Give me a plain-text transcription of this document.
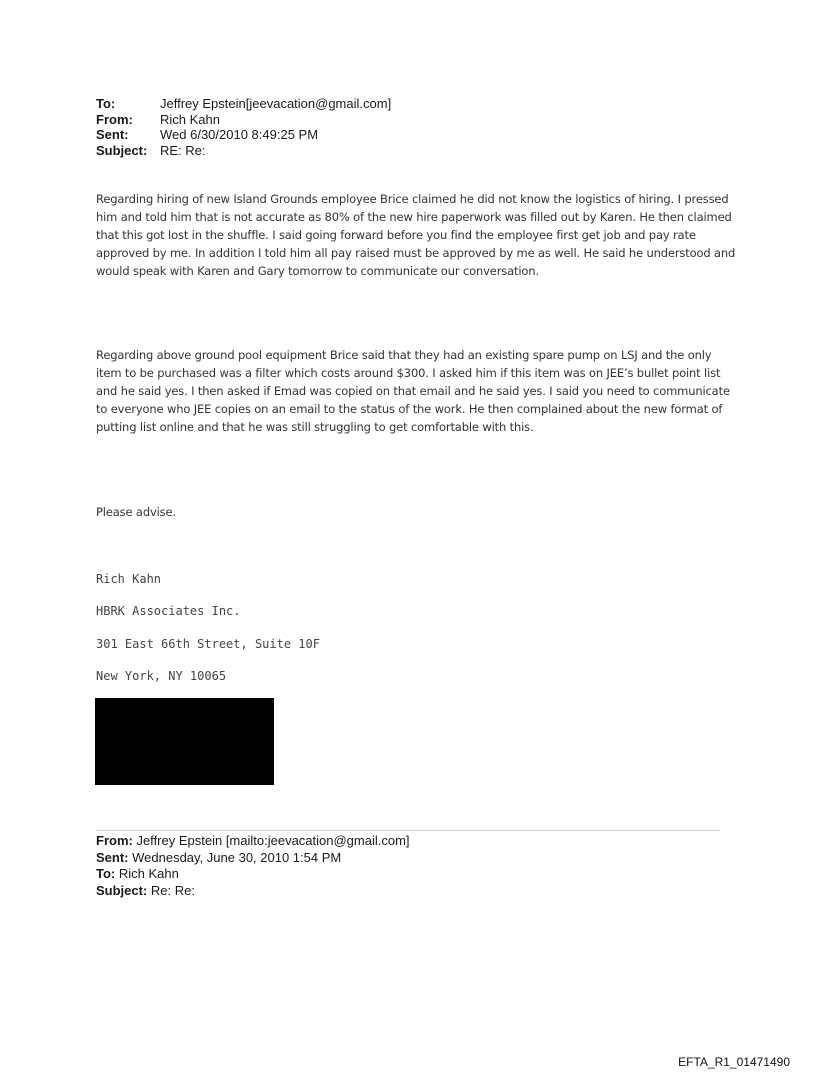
To:	Jeffrey Epstein[jeevacation@gmail.com]
From:	Rich Kahn
Sent:	Wed 6/30/2010 8:49:25 PM
Subject: RE: Re:

Regarding hiring of new Island Grounds employee Brice claimed he did not know the logistics of hiring. I pressed him and told him that is not accurate as 80% of the new hire paperwork was filled out by Karen. He then claimed that this got lost in the shuffle. I said going forward before you find the employee first get job and pay rate approved by me. In addition I told him all pay raised must be approved by me as well. He said he understood and would speak with Karen and Gary tomorrow to communicate our conversation.

Regarding above ground pool equipment Brice said that they had an existing spare pump on LSJ and the only item to be purchased was a filter which costs around $300. I asked him if this item was on JEE’s bullet point list and he said yes. I then asked if Emad was copied on that email and he said yes. I said you need to communicate to everyone who JEE copies on an email to the status of the work. He then complained about the new format of putting list online and that he was still struggling to get comfortable with this.

Please advise.

Rich Kahn
HBRK Associates Inc.
301 East 66th Street, Suite 10F
New York, NY 10065
From: Jeffrey Epstein [mailto:jeevacation@gmail.com]
Sent: Wednesday, June 30, 2010 1:54 PM
To: Rich Kahn
Subject: Re: Re:
EFTA_R1_01471490
